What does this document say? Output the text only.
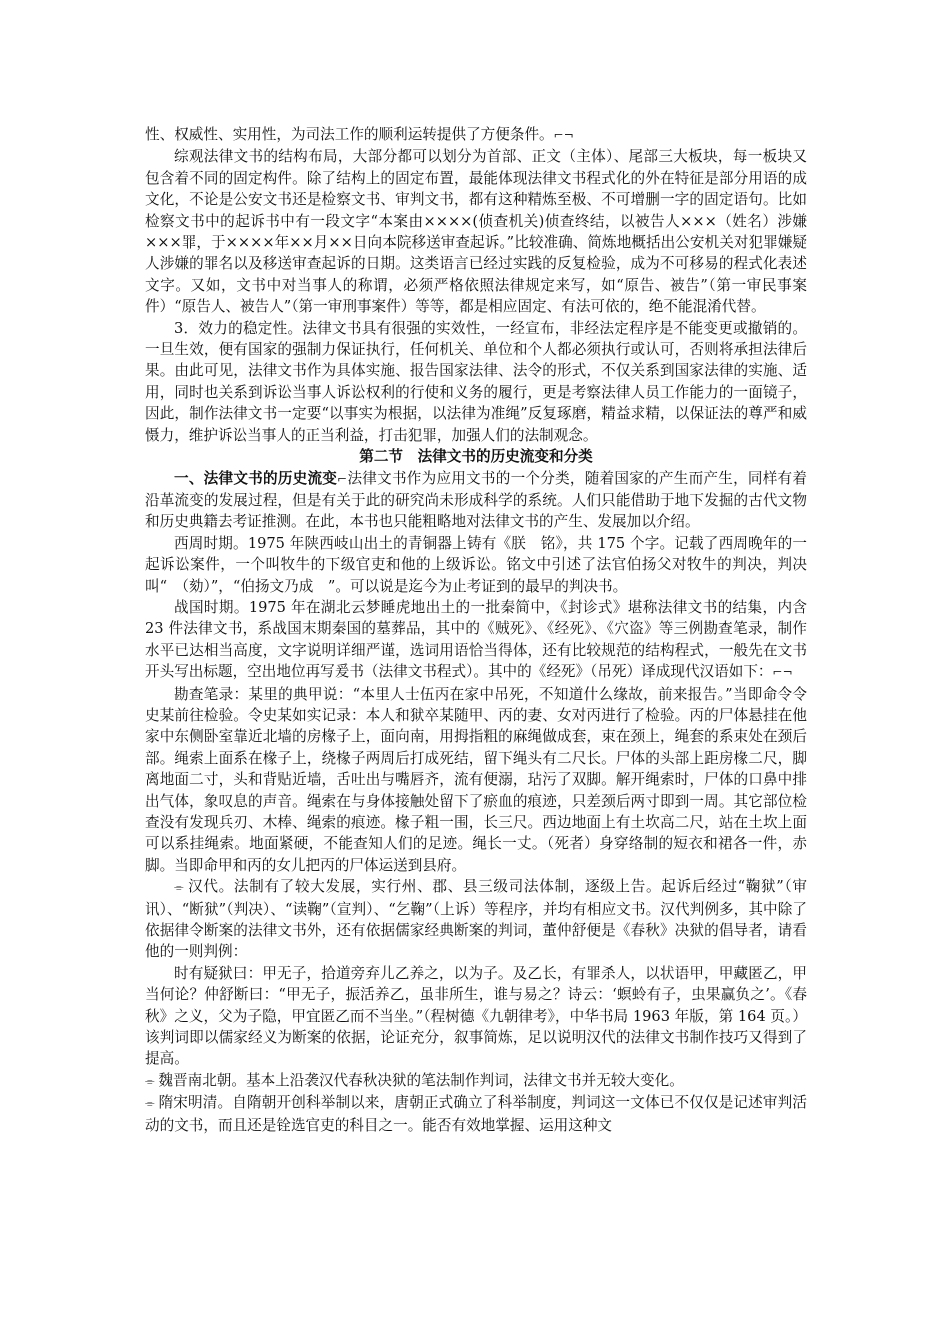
性、权威性、实用性，为司法工作的顺利运转提供了方便条件。⌐¬

综观法律文书的结构布局，大部分都可以划分为首部、正文（主体）、尾部三大板块，每一板块又包含着不同的固定构件。除了结构上的固定布置，最能体现法律文书程式化的外在特征是部分用语的成文化，不论是公安文书还是检察文书、审判文书，都有这种精炼至极、不可增删一字的固定语句。比如检察文书中的起诉书中有一段文字“本案由××××(侦查机关)侦查终结，以被告人×××（姓名）涉嫌×××罪，于××××年××月××日向本院移送审查起诉。”比较准确、简炼地概括出公安机关对犯罪嫌疑人涉嫌的罪名以及移送审查起诉的日期。这类语言已经过实践的反复检验，成为不可移易的程式化表述文字。又如，文书中对当事人的称谓，必须严格依照法律规定来写，如“原告、被告”（第一审民事案件）“原告人、被告人”（第一审刑事案件）等等，都是相应固定、有法可依的，绝不能混淆代替。

3．效力的稳定性。法律文书具有很强的实效性，一经宣布，非经法定程序是不能变更或撤销的。一旦生效，便有国家的强制力保证执行，任何机关、单位和个人都必须执行或认可，否则将承担法律后果。由此可见，法律文书作为具体实施、报告国家法律、法令的形式，不仅关系到国家法律的实施、适用，同时也关系到诉讼当事人诉讼权利的行使和义务的履行，更是考察法律人员工作能力的一面镜子，因此，制作法律文书一定要“以事实为根据，以法律为准绳”反复琢磨，精益求精，以保证法的尊严和威慑力，维护诉讼当事人的正当利益，打击犯罪，加强人们的法制观念。

第二节　法律文书的历史流变和分类

一、法律文书的历史流变⌐法律文书作为应用文书的一个分类，随着国家的产生而产生，同样有着沿革流变的发展过程，但是有关于此的研究尚未形成科学的系统。人们只能借助于地下发掘的古代文物和历史典籍去考证推测。在此，本书也只能粗略地对法律文书的产生、发展加以介绍。

西周时期。1975 年陕西岐山出土的青铜器上铸有《朕　铭》，共 175 个字。记载了西周晚年的一起诉讼案件，一个叫牧牛的下级官吏和他的上级诉讼。铭文中引述了法官伯扬父对牧牛的判决，判决叫“　（劾）”，“伯扬文乃成　”。可以说是迄今为止考证到的最早的判决书。

战国时期。1975 年在湖北云梦睡虎地出土的一批秦简中，《封诊式》堪称法律文书的结集，内含 23 件法律文书，系战国末期秦国的墓葬品，其中的《贼死》、《经死》、《穴盗》等三例勘查笔录，制作水平已达相当高度，文字说明详细严谨，选词用语恰当得体，还有比较规范的结构程式，一般先在文书开头写出标题，空出地位再写爰书（法律文书程式）。其中的《经死》（吊死）译成现代汉语如下：⌐¬

勘查笔录：某里的典甲说：“本里人士伍丙在家中吊死，不知道什么缘故，前来报告。”当即命令令史某前往检验。令史某如实记录：本人和狱卒某随甲、丙的妻、女对丙进行了检验。丙的尸体悬挂在他家中东侧卧室靠近北墙的房椽子上，面向南，用拇指粗的麻绳做成套，束在颈上，绳套的系束处在颈后部。绳索上面系在椽子上，绕椽子两周后打成死结，留下绳头有二尺长。尸体的头部上距房椽二尺，脚离地面二寸，头和背贴近墙，舌吐出与嘴唇齐，流有便溺，玷污了双脚。解开绳索时，尸体的口鼻中排出气体，象叹息的声音。绳索在与身体接触处留下了瘀血的痕迹，只差颈后两寸即到一周。其它部位检查没有发现兵刃、木棒、绳索的痕迹。椽子粗一围，长三尺。西边地面上有土坎高二尺，站在土坎上面可以系挂绳索。地面紧硬，不能查知人们的足迹。绳长一丈。（死者）身穿络制的短衣和裙各一件，赤脚。当即命甲和丙的女儿把丙的尸体运送到县府。

⌯ 汉代。法制有了较大发展，实行州、郡、县三级司法体制，逐级上告。起诉后经过“鞠狱”（审讯）、“断狱”（判决）、“读鞠”（宣判）、“乞鞠”（上诉）等程序，并均有相应文书。汉代判例多，其中除了依据律令断案的法律文书外，还有依据儒家经典断案的判词，董仲舒便是《春秋》决狱的倡导者，请看他的一则判例：

时有疑狱曰：甲无子，拾道旁弃儿乙养之，以为子。及乙长，有罪杀人，以状语甲，甲藏匿乙，甲当何论？仲舒断曰：“甲无子，振活养乙，虽非所生，谁与易之？诗云：‘螟蛉有子，虫果赢负之’。《春秋》之义，父为子隐，甲宜匿乙而不当坐。”（程树德《九朝律考》，中华书局 1963 年版，第 164 页。）该判词即以儒家经义为断案的依据，论证充分，叙事简炼，足以说明汉代的法律文书制作技巧又得到了提高。

⌯ 魏晋南北朝。基本上沿袭汉代春秋决狱的笔法制作判词，法律文书并无较大变化。

⌯ 隋宋明清。自隋朝开创科举制以来，唐朝正式确立了科举制度，判词这一文体已不仅仅是记述审判活动的文书，而且还是铨选官吏的科目之一。能否有效地掌握、运用这种文
